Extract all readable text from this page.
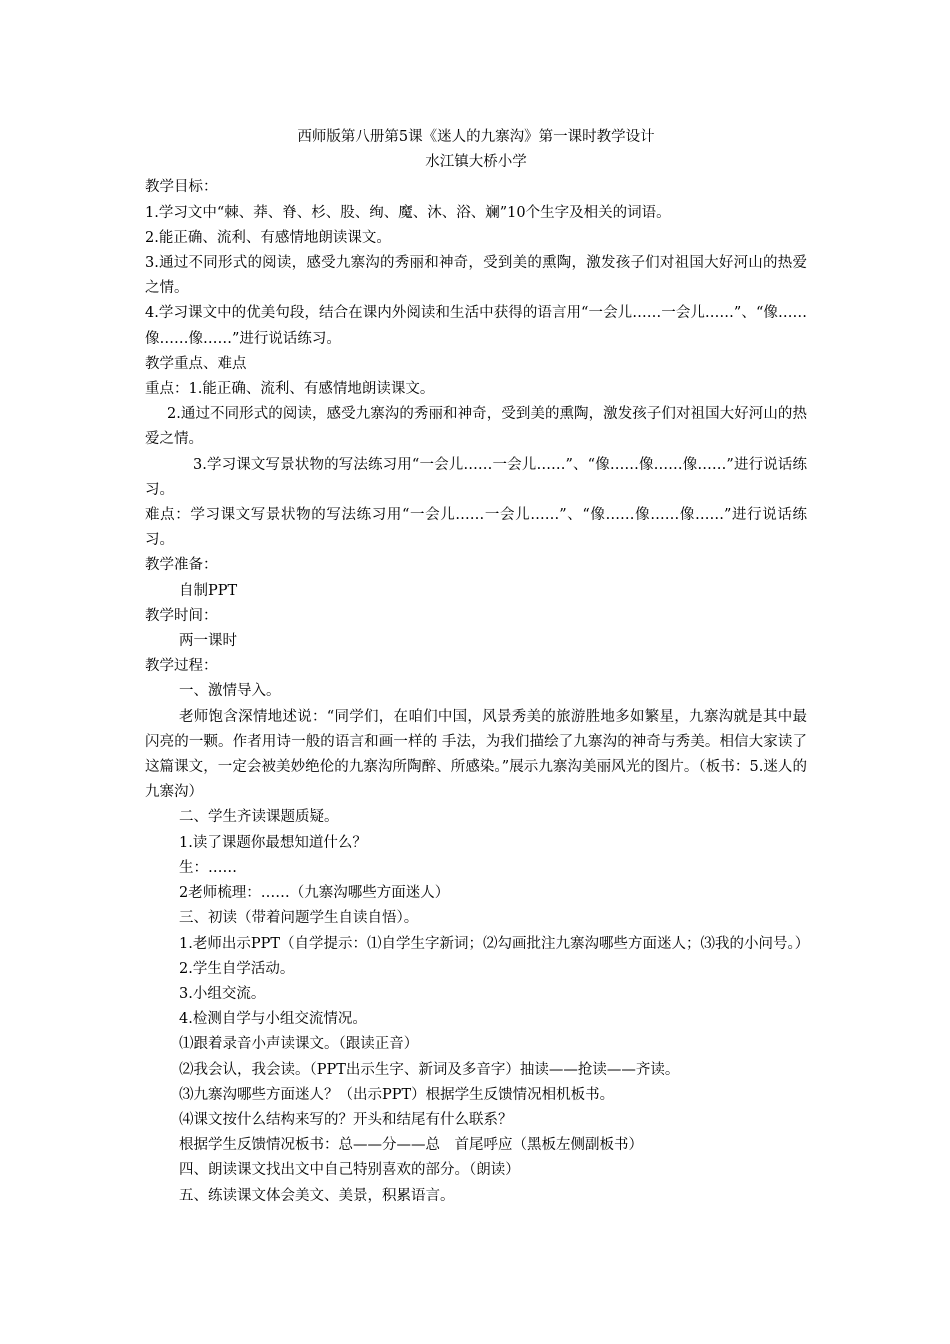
西师版第八册第5课《迷人的九寨沟》第一课时教学设计

水江镇大桥小学

教学目标：

1.学习文中“棘、莽、脊、杉、股、绚、魔、沐、浴、斓”10个生字及相关的词语。

2.能正确、流利、有感情地朗读课文。

3.通过不同形式的阅读，感受九寨沟的秀丽和神奇，受到美的熏陶，激发孩子们对祖国大好河山的热爱之情。

4.学习课文中的优美句段，结合在课内外阅读和生活中获得的语言用“一会儿……一会儿……”、“像……像……像……”进行说话练习。

教学重点、难点

重点：1.能正确、流利、有感情地朗读课文。

2.通过不同形式的阅读，感受九寨沟的秀丽和神奇，受到美的熏陶，激发孩子们对祖国大好河山的热爱之情。

3.学习课文写景状物的写法练习用“一会儿……一会儿……”、“像……像……像……”进行说话练习。

难点：学习课文写景状物的写法练习用“一会儿……一会儿……”、“像……像……像……”进行说话练习。

教学准备：

自制PPT

教学时间：

两一课时

教学过程：

一、激情导入。

老师饱含深情地述说：“同学们，在咱们中国，风景秀美的旅游胜地多如繁星，九寨沟就是其中最闪亮的一颗。作者用诗一般的语言和画一样的 手法，为我们描绘了九寨沟的神奇与秀美。相信大家读了这篇课文，一定会被美妙绝伦的九寨沟所陶醉、所感染。”展示九寨沟美丽风光的图片。（板书：5.迷人的九寨沟）

二、学生齐读课题质疑。

1.读了课题你最想知道什么？

生：……

2老师梳理：……（九寨沟哪些方面迷人）

三、初读（带着问题学生自读自悟）。

1.老师出示PPT（自学提示：⑴自学生字新词；⑵勾画批注九寨沟哪些方面迷人；⑶我的小问号。）

2.学生自学活动。

3.小组交流。

4.检测自学与小组交流情况。

⑴跟着录音小声读课文。（跟读正音）

⑵我会认，我会读。（PPT出示生字、新词及多音字）抽读——抢读——齐读。

⑶九寨沟哪些方面迷人？（出示PPT）根据学生反馈情况相机板书。

⑷课文按什么结构来写的？开头和结尾有什么联系？

根据学生反馈情况板书：总——分——总　首尾呼应（黑板左侧副板书）

四、朗读课文找出文中自己特别喜欢的部分。（朗读）

五、练读课文体会美文、美景，积累语言。
